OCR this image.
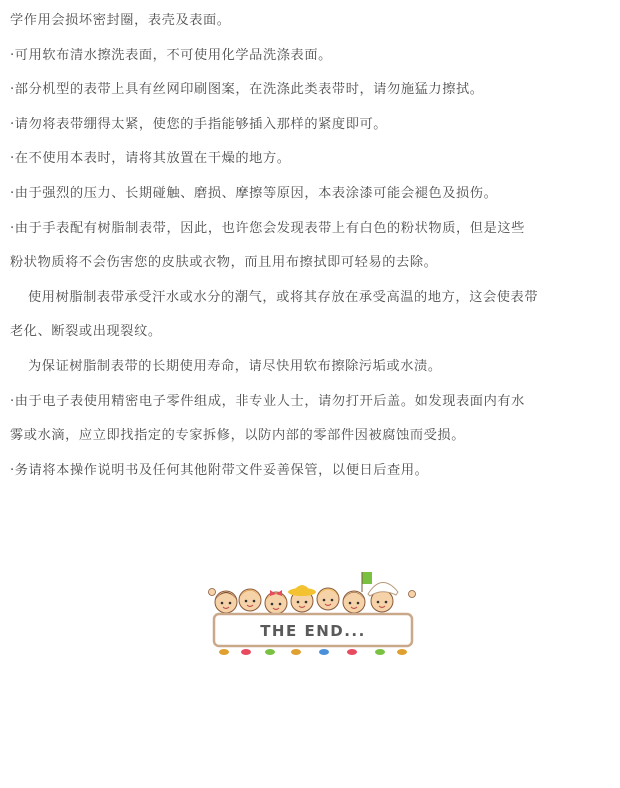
学作用会损坏密封圈，表壳及表面。
·可用软布清水擦洗表面，不可使用化学品洗涤表面。
·部分机型的表带上具有丝网印刷图案，在洗涤此类表带时，请勿施猛力擦拭。
·请勿将表带绷得太紧，使您的手指能够插入那样的紧度即可。
·在不使用本表时，请将其放置在干燥的地方。
·由于强烈的压力、长期碰触、磨损、摩擦等原因，本表涂漆可能会褪色及损伤。
·由于手表配有树脂制表带，因此，也许您会发现表带上有白色的粉状物质，但是这些
粉状物质将不会伤害您的皮肤或衣物，而且用布擦拭即可轻易的去除。
使用树脂制表带承受汗水或水分的潮气，或将其存放在承受高温的地方，这会使表带
老化、断裂或出现裂纹。
为保证树脂制表带的长期使用寿命，请尽快用软布擦除污垢或水渍。
·由于电子表使用精密电子零件组成，非专业人士，请勿打开后盖。如发现表面内有水
雾或水滴，应立即找指定的专家拆修，以防内部的零部件因被腐蚀而受损。
·务请将本操作说明书及任何其他附带文件妥善保管，以便日后查用。
THE END...
